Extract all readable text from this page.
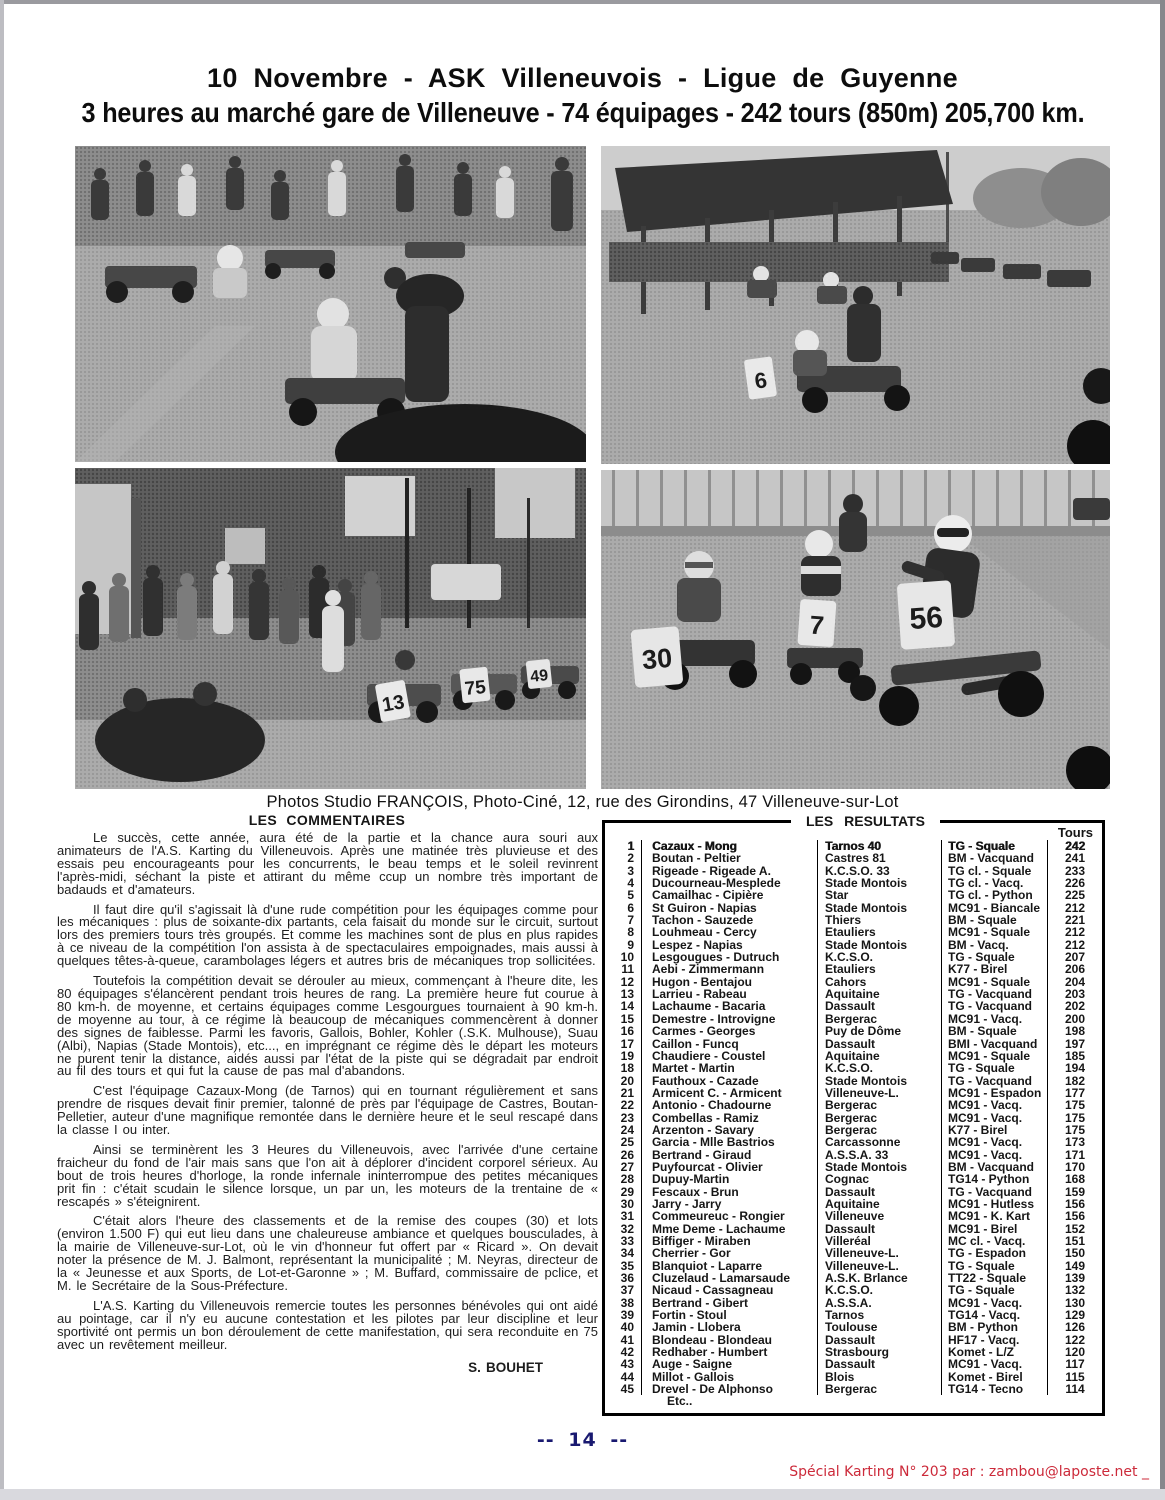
10 Novembre - ASK Villeneuvois - Ligue de Guyenne
3 heures au marché gare de Villeneuve - 74 équipages - 242 tours (850m) 205,700 km.
6
13
75
49
30
7	56
Photos Studio FRANÇOIS, Photo-Ciné, 12, rue des Girondins, 47 Villeneuve-sur-Lot
LES COMMENTAIRES

Le succès, cette année, aura été de la partie et la chance aura souri aux animateurs de l'A.S. Karting du Villeneuvois. Après une matinée très pluvieuse et des essais peu encourageants pour les concurrents, le beau temps et le soleil revinrent l'après-midi, séchant la piste et attirant du même ccup un nombre très important de badauds et d'amateurs.

Il faut dire qu'il s'agissait là d'une rude compétition pour les équipages comme pour les mécaniques : plus de soixante-dix partants, cela faisait du monde sur le circuit, surtout lors des premiers tours très groupés. Et comme les machines sont de plus en plus rapides à ce niveau de la compétition l'on assista à de spectaculaires empoignades, mais aussi à quelques têtes-à-queue, carambolages légers et autres bris de mécaniques trop sollicitées.

Toutefois la compétition devait se dérouler au mieux, commençant à l'heure dite, les 80 équipages s'élancèrent pendant trois heures de rang. La première heure fut courue à 80 km-h. de moyenne, et certains équipages comme Lesgourgues tournaient à 90 km-h. de moyenne au tour, à ce régime là beaucoup de mécaniques commencèrent à donner des signes de faiblesse. Parmi les favoris, Gallois, Bohler, Kohler (.S.K. Mulhouse), Suau (Albi), Napias (Stade Montois), etc..., en imprégnant ce régime dès le départ les moteurs ne purent tenir la distance, aidés aussi par l'état de la piste qui se dégradait par endroit au fil des tours et qui fut la cause de pas mal d'abandons.

C'est l'équipage Cazaux-Mong (de Tarnos) qui en tournant régulièrement et sans prendre de risques devait finir premier, talonné de près par l'équipage de Castres, Boutan-Pelletier, auteur d'une magnifique remontée dans le dernière heure et le seul rescapé dans la classe I ou inter.

Ainsi se terminèrent les 3 Heures du Villeneuvois, avec l'arrivée d'une certaine fraicheur du fond de l'air mais sans que l'on ait à déplorer d'incident corporel sérieux. Au bout de trois heures d'horloge, la ronde infernale ininterrompue des petites mécaniques prit fin : c'était scudain le silence lorsque, un par un, les moteurs de la trentaine de « rescapés » s'éteignirent.

C'était alors l'heure des classements et de la remise des coupes (30) et lots (environ 1.500 F) qui eut lieu dans une chaleureuse ambiance et quelques bousculades, à la mairie de Villeneuve-sur-Lot, où le vin d'honneur fut offert par « Ricard ». On devait noter la présence de M. J. Balmont, représentant la municipalité ; M. Neyras, directeur de la « Jeunesse et aux Sports, de Lot-et-Garonne » ; M. Buffard, commissaire de pclice, et M. le Secrétaire de la Sous-Préfecture.

L'A.S. Karting du Villeneuvois remercie toutes les personnes bénévoles qui ont aidé au pointage, car il n'y eu aucune contestation et les pilotes par leur discipline et leur sportivité ont permis un bon déroulement de cette manifestation, qui sera reconduite en 75 avec un revêtement meilleur.

S. BOUHET
LES RESULTATS
Tours
1	Cazaux - Mong	Tarnos 40	TG - Squale	242
2	Boutan - Peltier	Castres 81	BM - Vacquand	241
3	Rigeade - Rigeade A.	K.C.S.O. 33	TG cl. - Squale	233
4	Ducourneau-Mesplede	Stade Montois	TG cl. - Vacq.	226
5	Camailhac - Cipière	Star	TG cl. - Python	225
6	St Guiron - Napias	Stade Montois	MC91 - Biancale	212
7	Tachon - Sauzede	Thiers	BM - Squale	221
8	Louhmeau - Cercy	Etauliers	MC91 - Squale	212
9	Lespez - Napias	Stade Montois	BM - Vacq.	212
10	Lesgougues - Dutruch	K.C.S.O.	TG - Squale	207
11	Aebi - Zimmermann	Etauliers	K77 - Birel	206
12	Hugon - Bentajou	Cahors	MC91 - Squale	204
13	Larrieu - Rabeau	Aquitaine	TG - Vacquand	203
14	Lachaume - Bacaria	Dassault	TG - Vacquand	202
15	Demestre - Introvigne	Bergerac	MC91 - Vacq.	200
16	Carmes - Georges	Puy de Dôme	BM - Squale	198
17	Caillon - Funcq	Dassault	BMI - Vacquand	197
19	Chaudiere - Coustel	Aquitaine	MC91 - Squale	185
18	Martet - Martin	K.C.S.O.	TG - Squale	194
20	Fauthoux - Cazade	Stade Montois	TG - Vacquand	182
21	Armicent C. - Armicent	Villeneuve-L.	MC91 - Espadon	177
22	Antonio - Chadourne	Bergerac	MC91 - Vacq.	175
23	Combellas - Ramiz	Bergerac	MC91 - Vacq.	175
24	Arzenton - Savary	Bergerac	K77 - Birel	175
25	Garcia - Mlle Bastrios	Carcassonne	MC91 - Vacq.	173
26	Bertrand - Giraud	A.S.S.A. 33	MC91 - Vacq.	171
27	Puyfourcat - Olivier	Stade Montois	BM - Vacquand	170
28	Dupuy-Martin	Cognac	TG14 - Python	168
29	Fescaux - Brun	Dassault	TG - Vacquand	159
30	Jarry - Jarry	Aquitaine	MC91 - Hutless	156
31	Commeureuc - Rongier	Villeneuve	MC91 - K. Kart	156
32	Mme Deme - Lachaume	Dassault	MC91 - Birel	152
33	Biffiger - Miraben	Villeréal	MC cl. - Vacq.	151
34	Cherrier - Gor	Villeneuve-L.	TG - Espadon	150
35	Blanquiot - Laparre	Villeneuve-L.	TG - Squale	149
36	Cluzelaud - Lamarsaude	A.S.K. Brlance	TT22 - Squale	139
37	Nicaud - Cassagneau	K.C.S.O.	TG - Squale	132
38	Bertrand - Gibert	A.S.S.A.	MC91 - Vacq.	130
39	Fortin - Stoul	Tarnos	TG14 - Vacq.	129
40	Jamin - Llobera	Toulouse	BM - Python	126
41	Blondeau - Blondeau	Dassault	HF17 - Vacq.	122
42	Redhaber - Humbert	Strasbourg	Komet - L/Z	120
43	Auge - Saigne	Dassault	MC91 - Vacq.	117
44	Millot - Gallois	Blois	Komet - Birel	115
45	Drevel - De Alphonso	Bergerac	TG14 - Tecno	114
Etc..
-- 14 --
Spécial Karting N° 203 par : zambou@laposte.net _
